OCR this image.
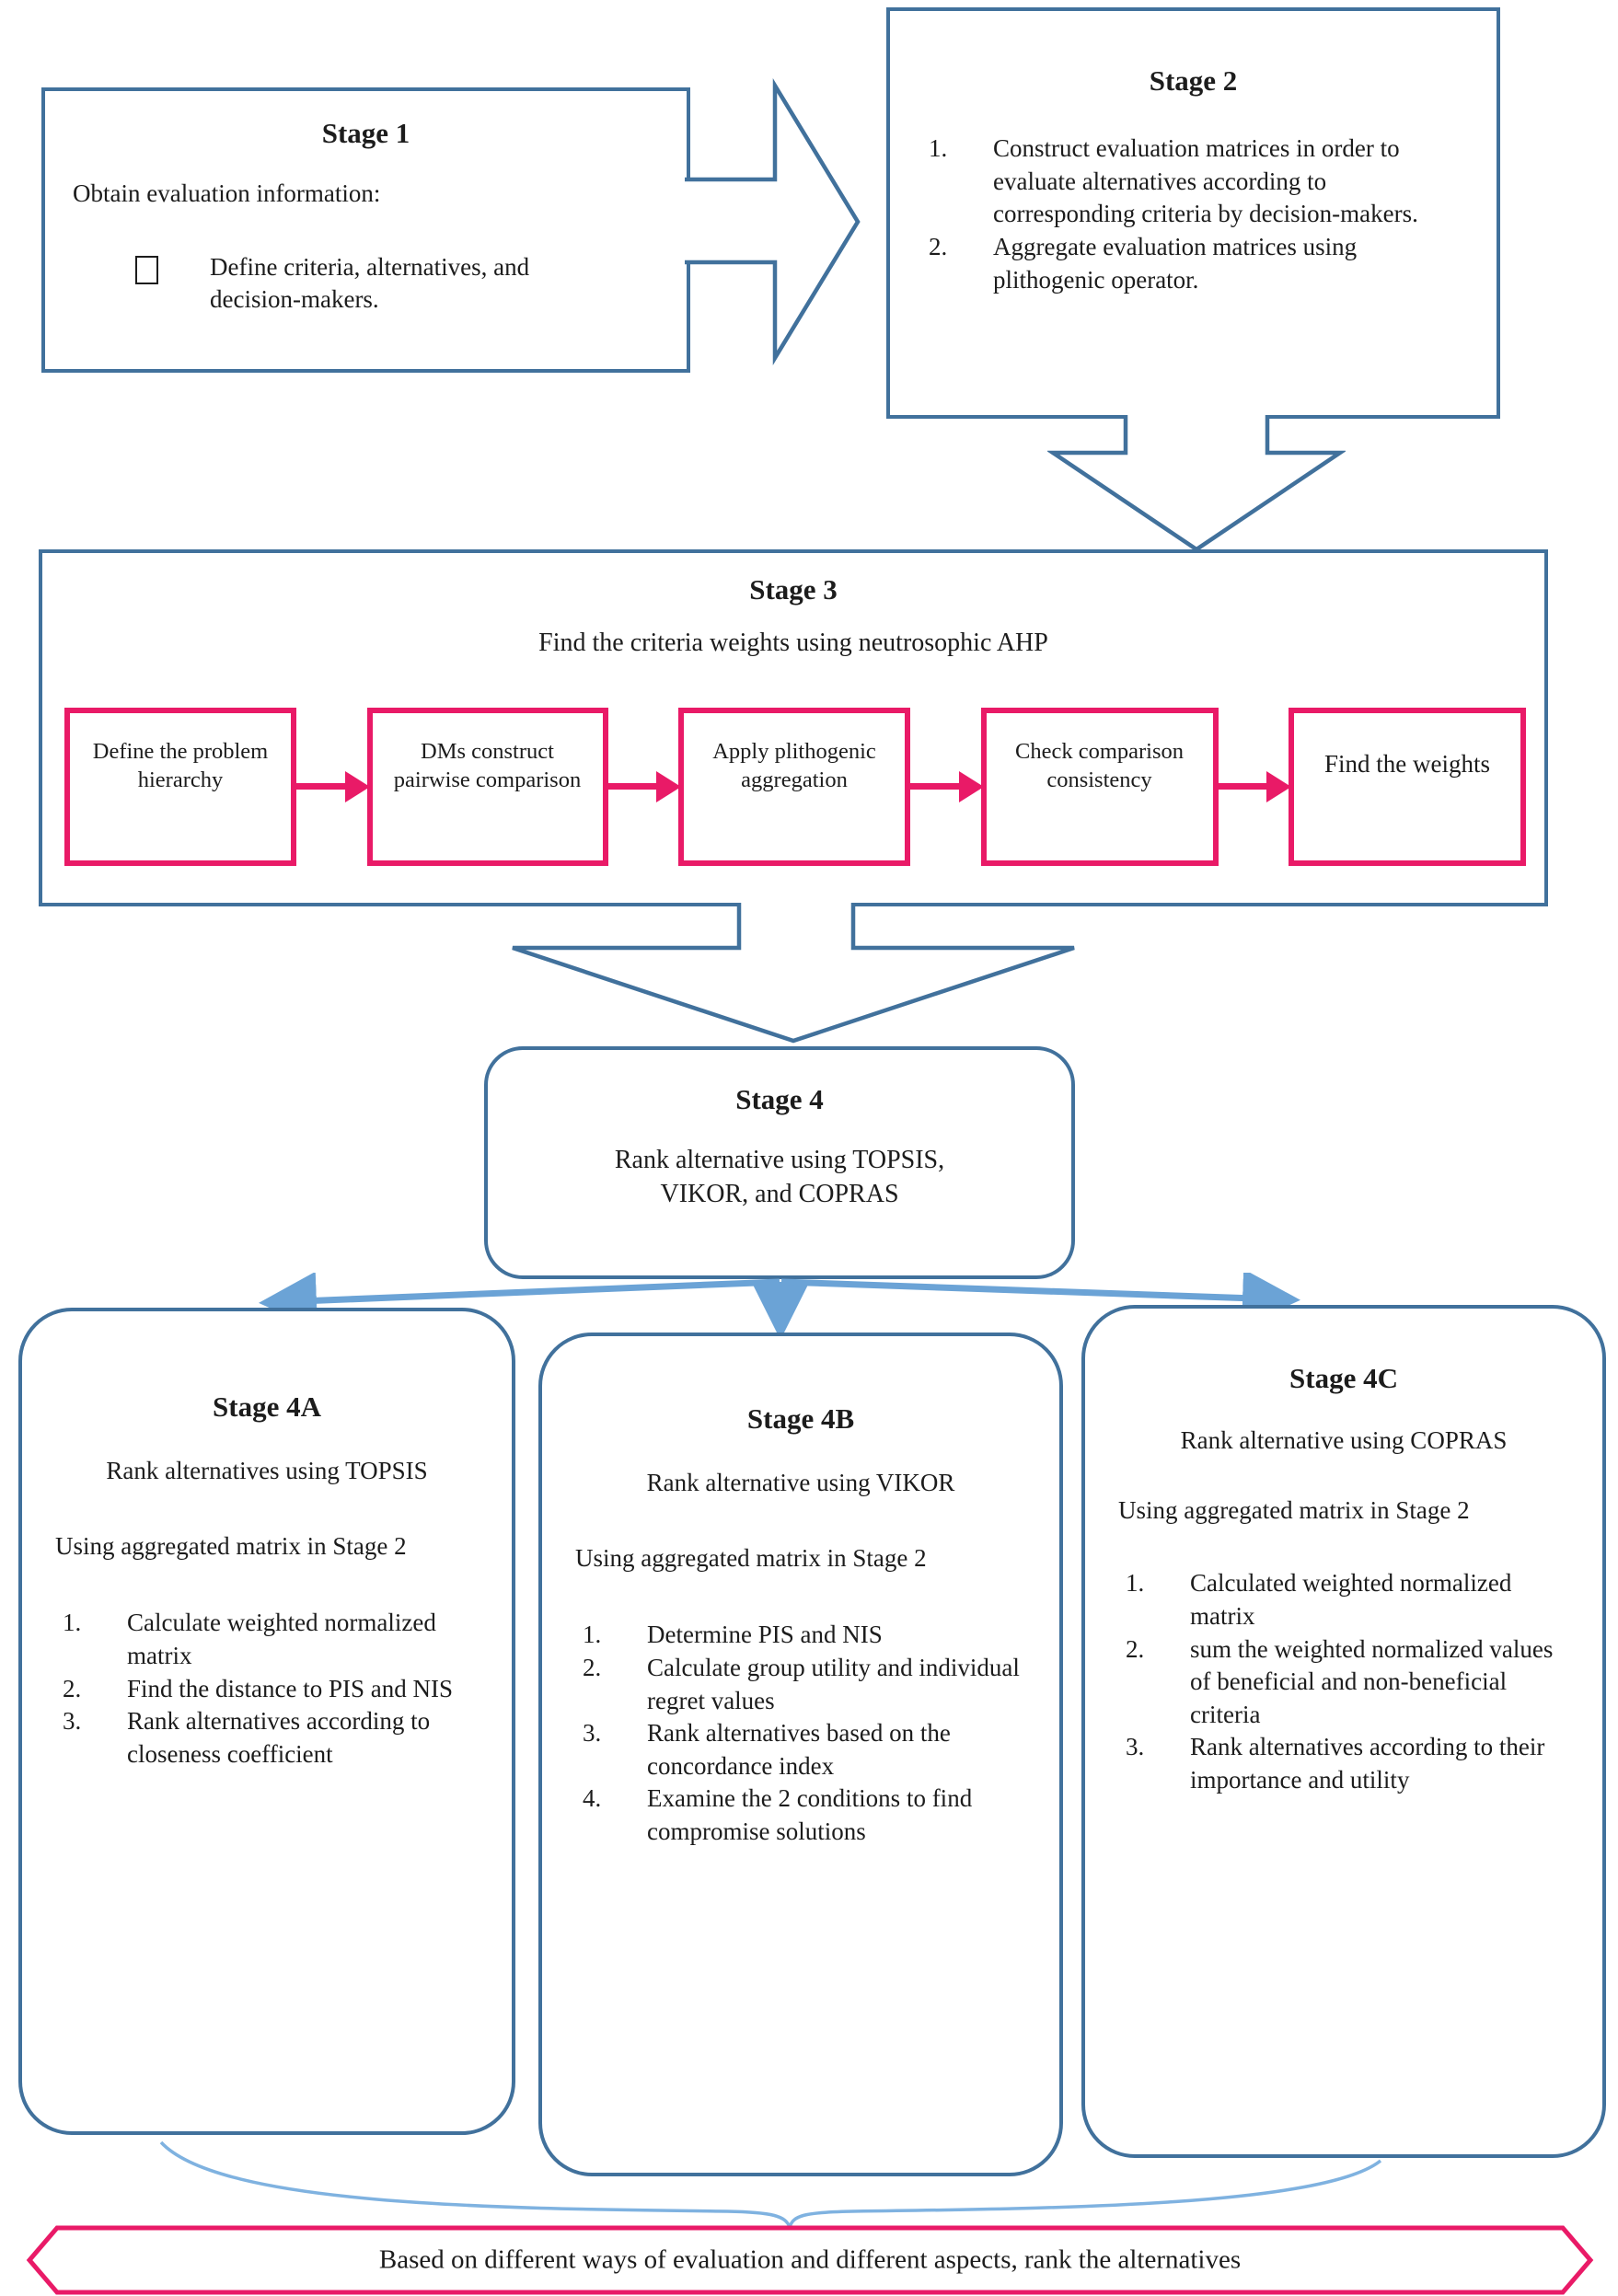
Stage 1
Obtain evaluation information:
Define criteria, alternatives, and decision-makers.
Stage 2
1.	Construct evaluation matrices in order to evaluate alternatives according to corresponding criteria by decision-makers.
2.	Aggregate evaluation matrices using plithogenic operator.
Stage 3
Find the criteria weights using neutrosophic AHP
Define the problem hierarchy
DMs construct pairwise comparison
Apply plithogenic aggregation
Check comparison consistency
Find the weights
Stage 4
Rank alternative using TOPSIS,
VIKOR, and COPRAS
Stage 4A
Rank alternatives using TOPSIS
Using aggregated matrix in Stage 2
1.	Calculate weighted normalized matrix
2.	Find the distance to PIS and NIS
3.	Rank alternatives according to closeness coefficient
Stage 4B
Rank alternative using VIKOR
Using aggregated matrix in Stage 2
1.	Determine PIS and NIS
2.	Calculate group utility and individual regret values
3.	Rank alternatives based on the concordance index
4.	Examine the 2 conditions to find compromise solutions
Stage 4C
Rank alternative using COPRAS
Using aggregated matrix in Stage 2
1.	Calculated weighted normalized matrix
2.	sum the weighted normalized values of beneficial and non-beneficial criteria
3.	Rank alternatives according to their importance and utility
Based on different ways of evaluation and different aspects, rank the alternatives
